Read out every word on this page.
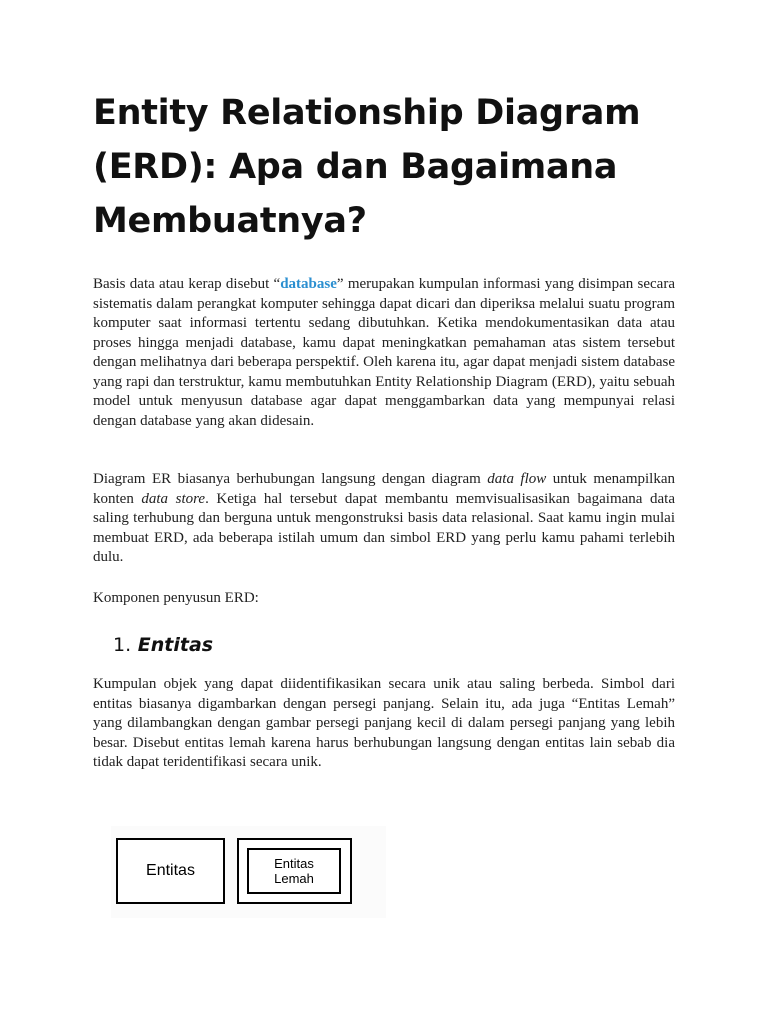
Entity Relationship Diagram (ERD): Apa dan Bagaimana Membuatnya?

Basis data atau kerap disebut “database” merupakan kumpulan informasi yang disimpan secara sistematis dalam perangkat komputer sehingga dapat dicari dan diperiksa melalui suatu program komputer saat informasi tertentu sedang dibutuhkan. Ketika mendokumentasikan data atau proses hingga menjadi database, kamu dapat meningkatkan pemahaman atas sistem tersebut dengan melihatnya dari beberapa perspektif. Oleh karena itu, agar dapat menjadi sistem database yang rapi dan terstruktur, kamu membutuhkan Entity Relationship Diagram (ERD), yaitu sebuah model untuk menyusun database agar dapat menggambarkan data yang mempunyai relasi dengan database yang akan didesain.

Diagram ER biasanya berhubungan langsung dengan diagram data flow untuk menampilkan konten data store. Ketiga hal tersebut dapat membantu memvisualisasikan bagaimana data saling terhubung dan berguna untuk mengonstruksi basis data relasional. Saat kamu ingin mulai membuat ERD, ada beberapa istilah umum dan simbol ERD yang perlu kamu pahami terlebih dulu.

Komponen penyusun ERD:

1. Entitas

Kumpulan objek yang dapat diidentifikasikan secara unik atau saling berbeda. Simbol dari entitas biasanya digambarkan dengan persegi panjang. Selain itu, ada juga “Entitas Lemah” yang dilambangkan dengan gambar persegi panjang kecil di dalam persegi panjang yang lebih besar. Disebut entitas lemah karena harus berhubungan langsung dengan entitas lain sebab dia tidak dapat teridentifikasi secara unik.

Entitas	Entitas
Lemah
